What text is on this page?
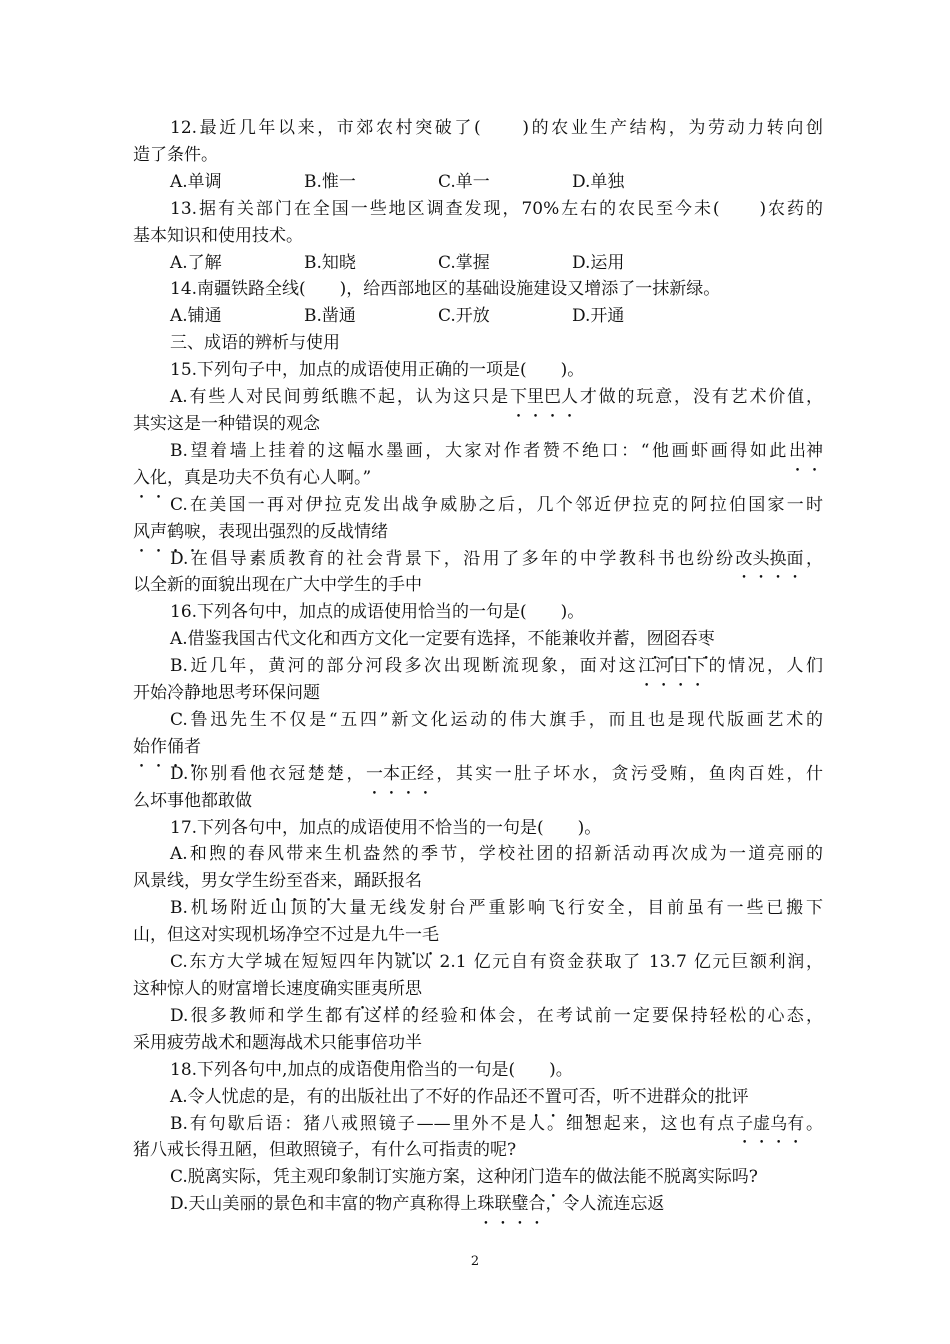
12.最近几年以来，市郊农村突破了(　　)的农业生产结构，为劳动力转向创

造了条件。

A.单调	B.惟一	C.单一	D.单独

13.据有关部门在全国一些地区调查发现，70%左右的农民至今未(　　)农药的

基本知识和使用技术。

A.了解	B.知晓	C.掌握	D.运用

14.南疆铁路全线(　　)，给西部地区的基础设施建设又增添了一抹新绿。

A.铺通	B.凿通	C.开放	D.开通

三、成语的辨析与使用

15.下列句子中，加点的成语使用正确的一项是(　　)。

A.有些人对民间剪纸瞧不起，认为这只是下里巴人才做的玩意，没有艺术价值，

其实这是一种错误的观念

B.望着墙上挂着的这幅水墨画，大家对作者赞不绝口：“他画虾画得如此出神

入化，真是功夫不负有心人啊。”

C.在美国一再对伊拉克发出战争威胁之后，几个邻近伊拉克的阿拉伯国家一时

风声鹤唳，表现出强烈的反战情绪

D.在倡导素质教育的社会背景下，沿用了多年的中学教科书也纷纷改头换面，

以全新的面貌出现在广大中学生的手中

16.下列各句中，加点的成语使用恰当的一句是(　　)。

A.借鉴我国古代文化和西方文化一定要有选择，不能兼收并蓄，囫囵吞枣

B.近几年，黄河的部分河段多次出现断流现象，面对这江河日下的情况，人们

开始冷静地思考环保问题

C.鲁迅先生不仅是“五四”新文化运动的伟大旗手，而且也是现代版画艺术的

始作俑者

D.你别看他衣冠楚楚，一本正经，其实一肚子坏水，贪污受贿，鱼肉百姓，什

么坏事他都敢做

17.下列各句中，加点的成语使用不恰当的一句是(　　)。

A.和煦的春风带来生机盎然的季节，学校社团的招新活动再次成为一道亮丽的

风景线，男女学生纷至沓来，踊跃报名

B.机场附近山顶的大量无线发射台严重影响飞行安全，目前虽有一些已搬下

山，但这对实现机场净空不过是九牛一毛

C.东方大学城在短短四年内就以 2.1 亿元自有资金获取了 13.7 亿元巨额利润，

这种惊人的财富增长速度确实匪夷所思

D.很多教师和学生都有这样的经验和体会，在考试前一定要保持轻松的心态，

采用疲劳战术和题海战术只能事倍功半

18.下列各句中,加点的成语使用恰当的一句是(　　)。

A.令人忧虑的是，有的出版社出了不好的作品还不置可否，听不进群众的批评

B.有句歇后语：猪八戒照镜子——里外不是人。细想起来，这也有点子虚乌有。

猪八戒长得丑陋，但敢照镜子，有什么可指责的呢?

C.脱离实际，凭主观印象制订实施方案，这种闭门造车的做法能不脱离实际吗?

D.天山美丽的景色和丰富的物产真称得上珠联璧合，令人流连忘返

2
